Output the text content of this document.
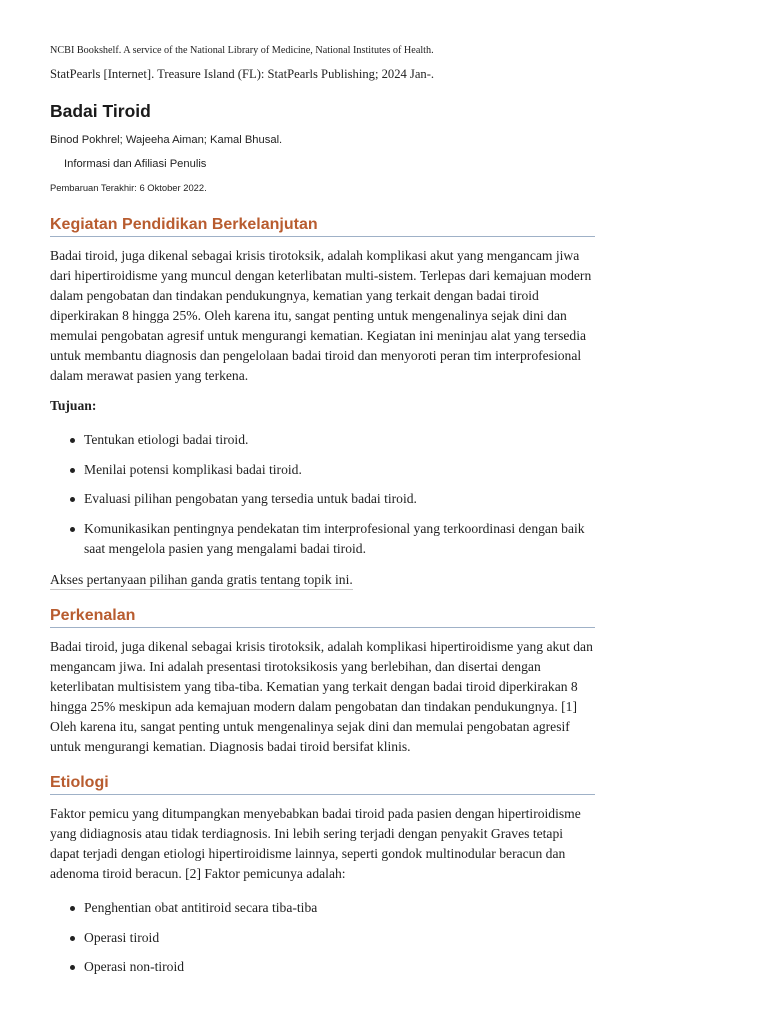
NCBI Bookshelf. A service of the National Library of Medicine, National Institutes of Health.
StatPearls [Internet]. Treasure Island (FL): StatPearls Publishing; 2024 Jan-.
Badai Tiroid
Binod Pokhrel; Wajeeha Aiman; Kamal Bhusal.
Informasi dan Afiliasi Penulis
Pembaruan Terakhir: 6 Oktober 2022.
Kegiatan Pendidikan Berkelanjutan

Badai tiroid, juga dikenal sebagai krisis tirotoksik, adalah komplikasi akut yang mengancam jiwa dari hipertiroidisme yang muncul dengan keterlibatan multi-sistem. Terlepas dari kemajuan modern dalam pengobatan dan tindakan pendukungnya, kematian yang terkait dengan badai tiroid diperkirakan 8 hingga 25%. Oleh karena itu, sangat penting untuk mengenalinya sejak dini dan memulai pengobatan agresif untuk mengurangi kematian. Kegiatan ini meninjau alat yang tersedia untuk membantu diagnosis dan pengelolaan badai tiroid dan menyoroti peran tim interprofesional dalam merawat pasien yang terkena.

Tujuan:

Tentukan etiologi badai tiroid.
Menilai potensi komplikasi badai tiroid.
Evaluasi pilihan pengobatan yang tersedia untuk badai tiroid.
Komunikasikan pentingnya pendekatan tim interprofesional yang terkoordinasi dengan baik saat mengelola pasien yang mengalami badai tiroid.
Akses pertanyaan pilihan ganda gratis tentang topik ini.
Perkenalan

Badai tiroid, juga dikenal sebagai krisis tirotoksik, adalah komplikasi hipertiroidisme yang akut dan mengancam jiwa. Ini adalah presentasi tirotoksikosis yang berlebihan, dan disertai dengan keterlibatan multisistem yang tiba-tiba. Kematian yang terkait dengan badai tiroid diperkirakan 8 hingga 25% meskipun ada kemajuan modern dalam pengobatan dan tindakan pendukungnya. [1] Oleh karena itu, sangat penting untuk mengenalinya sejak dini dan memulai pengobatan agresif untuk mengurangi kematian. Diagnosis badai tiroid bersifat klinis.

Etiologi

Faktor pemicu yang ditumpangkan menyebabkan badai tiroid pada pasien dengan hipertiroidisme yang didiagnosis atau tidak terdiagnosis. Ini lebih sering terjadi dengan penyakit Graves tetapi dapat terjadi dengan etiologi hipertiroidisme lainnya, seperti gondok multinodular beracun dan adenoma tiroid beracun. [2] Faktor pemicunya adalah:

Penghentian obat antitiroid secara tiba-tiba
Operasi tiroid
Operasi non-tiroid
